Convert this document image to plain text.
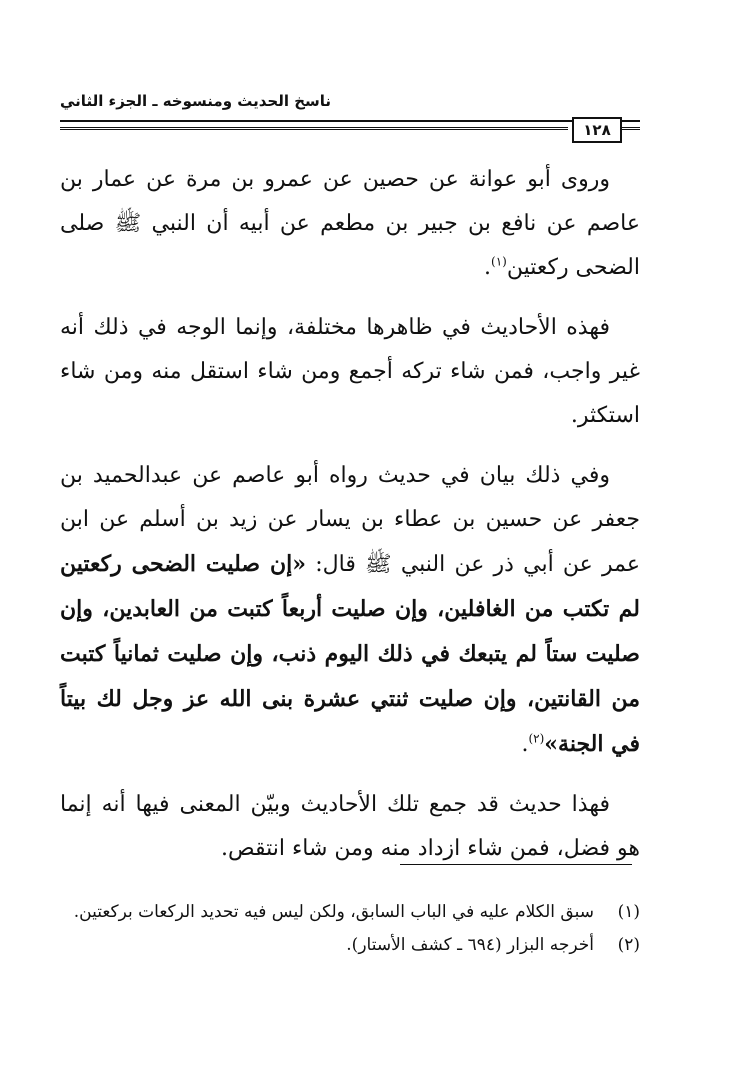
ناسخ الحديث ومنسوخه ـ الجزء الثاني
١٢٨

وروى أبو عوانة عن حصين عن عمرو بن مرة عن عمار بن عاصم عن نافع بن جبير بن مطعم عن أبيه أن النبي ﷺ صلى الضحى ركعتين$^{(١)}$.

فهذه الأحاديث في ظاهرها مختلفة، وإنما الوجه في ذلك أنه غير واجب، فمن شاء تركه أجمع ومن شاء استقل منه ومن شاء استكثر.

وفي ذلك بيان في حديث رواه أبو عاصم عن عبدالحميد بن جعفر عن حسين بن عطاء بن يسار عن زيد بن أسلم عن ابن عمر عن أبي ذر عن النبي ﷺ قال: «إن صليت الضحى ركعتين لم تكتب من الغافلين، وإن صليت أربعاً كتبت من العابدين، وإن صليت ستاً لم يتبعك في ذلك اليوم ذنب، وإن صليت ثمانياً كتبت من القانتين، وإن صليت ثنتي عشرة بنى الله عز وجل لك بيتاً في الجنة»$^{(٢)}$.

فهذا حديث قد جمع تلك الأحاديث وبيّن المعنى فيها أنه إنما هو فضل، فمن شاء ازداد منه ومن شاء انتقص.

(١)
سبق الكلام عليه في الباب السابق، ولكن ليس فيه تحديد الركعات بركعتين.
(٢)
أخرجه البزار (٦٩٤ ـ كشف الأستار).
